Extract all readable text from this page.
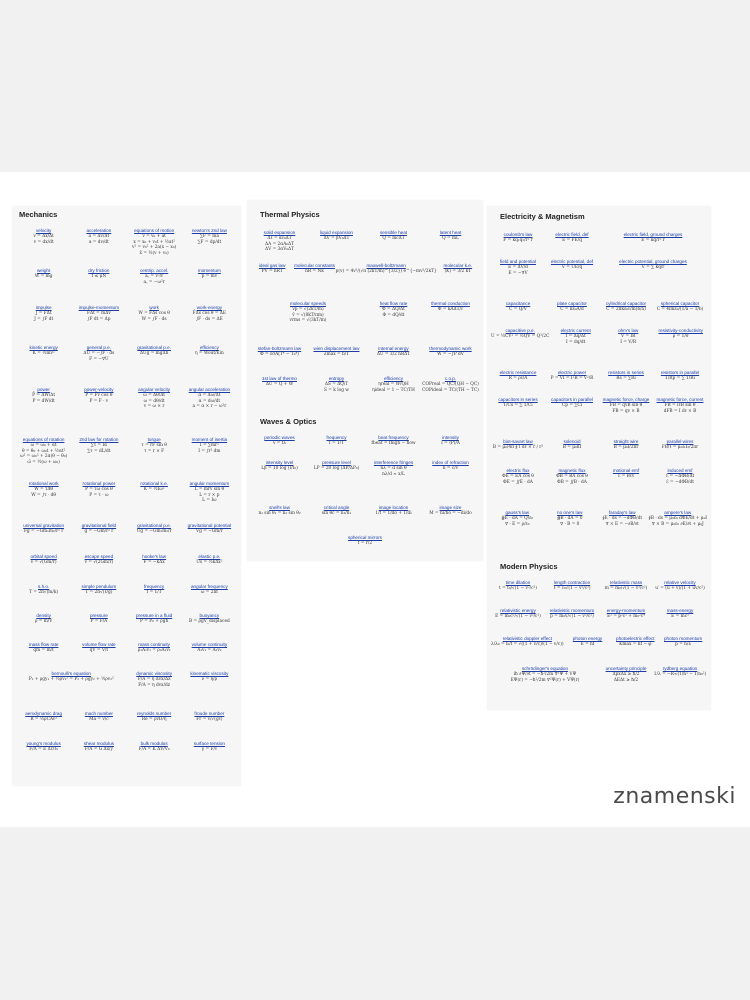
Mechanics
velocity
v = Δx/Δt
v = dx/dt
acceleration
a = Δv/Δt
a = dv/dt
equations of motion
v = v₀ + at
x = x₀ + v₀t + ½at²
v² = v₀² + 2a(x − x₀)
x̄ = ½(v + v₀)
newton's 2nd law
∑F = ma
∑F = dp/dt
weight
W = mg
dry friction
f ≤ μN
centrip. accel.
a꜀ = v²/r
a꜀ = −ω²r
momentum
p = mv
impulse
J = F̄Δt
J = ∫F dt
impulse-momentum
F̄Δt = mΔv
∫F dt = Δp
work
W = F̄Δs cos θ
W = ∫F · ds
work-energy
F̄Δs cos θ = ΔE
∫F · ds = ΔE
kinetic energy
K = ½mv²
general p.e.
ΔU = −∫F · ds
F = −∇U
gravitational p.e.
ΔUg = mgΔh
efficiency
η = Wout/Ein
power
P̄ = ΔW/Δt
P = dW/dt
power-velocity
P̄ = F̄v cos θ
P = F · v
angular velocity
ω̄ = Δθ/Δt
ω = dθ/dt
v = ω × r
angular acceleration
ᾱ = Δω/Δt
α = dω/dt
a = α × r − ω²r
equations of rotation
ω = ω₀ + αt
θ = θ₀ + ω₀t + ½αt²
ω² = ω₀² + 2α(θ − θ₀)
ω̄ = ½(ω + ω₀)
2nd law for rotation
∑τ = Iα
∑τ = dL/dt
torque
τ = rF sin θ
τ = r × F
moment of inertia
I = ∑mr²
I = ∫r² dm
rotational work
W = τ̄Δθ
W = ∫τ · dθ
rotational power
P = τω cos θ
P = τ · ω
rotational k.e.
K = ½Iω²
angular momentum
L = mrv sin θ
L = r × p
L = Iω
universal gravitation
Fg = −Gm₁m₂/r² r̂
gravitational field
g = −Gm/r² r̂
gravitational p.e.
Ug = −Gm₁m₂/r
gravitational potential
Vg = −Gm/r
orbital speed
v = √(Gm/r)
escape speed
v = √(2Gm/r)
hooke's law
F = −kΔx
elastic p.e.
Us = ½kΔx²
s.h.o.
T = 2π√(m/k)
simple pendulum
T = 2π√(ℓ/g)
frequency
f = 1/T
angular frequency
ω = 2πf
density
ρ = m/V
pressure
P = F/A
pressure in a fluid
P = P₀ + ρgh
buoyancy
B = ρgV_displaced
mass flow rate
qm = m/t
volume flow rate
qV = V/t
mass continuity
ρ₁A₁v₁ = ρ₂A₂v₂
volume continuity
A₁v₁ = A₂v₂
bernoulli's equation
P₁ + ρgy₁ + ½ρv₁² = P₂ + ρgy₂ + ½ρv₂²
dynamic viscosity
F/A = η Δvx/Δz
F/A = η dvx/dz
kinematic viscosity
ν = η/ρ
aerodynamic drag
R = ½ρCAv²
mach number
Ma = v/c
reynolds number
Re = ρvD/η
froude number
Fr = v/√(gℓ)
young's modulus
F/A = E Δℓ/ℓ₀
shear modulus
F/A = G Δx/y
bulk modulus
F/A = K ΔV/V₀
surface tension
γ = F/ℓ
Thermal Physics
solid expansion
Δℓ = αℓ₀ΔT
ΔA = 2αA₀ΔT
ΔV = 3αV₀ΔT
liquid expansion
ΔV = βV₀ΔT
sensible heat
Q = mcΔT
latent heat
Q = mL
ideal gas law
PV = nRT
molecular constants
nR = Nk
maxwell-boltzmann
p(v) = 4v²/(√π (2kT/m)^{3/2}) e^{−mv²/2kT}
molecular k.e.
⟨K⟩ = 3/2 kT
molecular speeds
vp = √(2kT/m)
v̄ = √(8kT/πm)
vrms = √(3kT/m)
heat flow rate
Φ = ΔQ/Δt
Φ = dQ/dt
thermal conduction
Φ = kAΔT/ℓ
stefan-boltzmann law
Φ = εσA(T⁴ − T₀⁴)
wien displacement law
λmax = b/T
internal energy
ΔU = 3/2 nRΔT
thermodynamic work
W = −∫P dV
1st law of thermo
ΔU = Q + W
entropy
ΔS = ΔQ/T
S = k log w
efficiency
ηreal = W/QH
ηideal = 1 − TC/TH
c.o.p.
COPreal = QC/(QH − QC)
COPideal = TC/(TH − TC)
Waves & Optics
periodic waves
v = fλ
frequency
f = 1/T
beat frequency
fbeat = fhigh − flow
intensity
I = ⟨P⟩/A
intensity level
Lβ = 10 log (I/I₀)
pressure level
LP = 20 log (ΔP/ΔP₀)
interference fringes
nλ = d sin θ
nλ/d ≈ x/L
index of refraction
n = c/v
snell's law
n₁ sin θ₁ = n₂ sin θ₂
critical angle
sin θc = n₂/n₁
image location
1/f = 1/do + 1/di
image size
M = hi/ho = −di/do
spherical mirrors
f = r/2
Electricity & Magnetism
coulomb's law
F = kq₁q₂/r² r̂
electric field, def
E = FE/q
electric field, ground charges
E = kq/r² r̂
field and potential
E = ΔV/d
E = −∇V
electric potential, def
V = UE/q
electric potential, ground charges
V = ∑ kq/r
capacitance
C = Q/V
plate capacitor
C = κε₀A/d
cylindrical capacitor
C = 2πκε₀ℓ/ln(b/a)
spherical capacitor
C = 4πκε₀/(1/a − 1/b)
capacitive p.e.
U = ½CV² = ½QV = Q²/2C
electric current
Ī = Δq/Δt
I = dq/dt
ohm's law
V = IR
I = V/R
resistivity-conductivity
ρ = 1/σ
electric resistance
R = ρℓ/A
electric power
P = VI = I²R = V²/R
resistors in series
Rs = ∑Ri
resistors in parallel
1/Rp = ∑ 1/Ri
capacitors in series
1/Cs = ∑ 1/Ci
capacitors in parallel
Cp = ∑Ci
magnetic force, charge
FB = qvB sin θ
FB = qv × B
magnetic force, current
FB = IℓB sin θ
dFB = I dℓ × B
biot-savart law
B = μ₀/4π ∮ I dℓ × r̂ / r²
solenoid
B = μ₀nI
straight wire
B = μ₀I/2πr
parallel wires
FB/ℓ = μ₀I₁I₂/2πr
electric flux
ΦE = EA cos θ
ΦE = ∬E · dA
magnetic flux
ΦB = BA cos θ
ΦB = ∬B · dA
motional emf
ℰ = Bℓv
induced emf
ℰ = −ΔΦB/Δt
ℰ = −dΦB/dt
gauss's law
∯E · dA = Q/ε₀
∇ · E = ρ/ε₀
no one's law
∯B · dA = 0
∇ · B = 0
faraday's law
∮E · ds = −dΦB/dt
∇ × E = −∂B/∂t
ampere's law
∮B · ds = μ₀ε₀ dΦE/dt + μ₀I
∇ × B = μ₀ε₀ ∂E/∂t + μ₀J
Modern Physics
time dilation
t = t₀/√(1 − v²/c²)
length contraction
ℓ = ℓ₀√(1 − v²/c²)
relativistic mass
m = m₀/√(1 − v²/c²)
relative velocity
u′ = (u + v)/(1 + uv/c²)
relativistic energy
E = m₀c²/√(1 − v²/c²)
relativistic momentum
p = m₀v/√(1 − v²/c²)
energy-momentum
E² = p²c² + m₀²c⁴
mass-energy
E = mc²
relativistic doppler effect
λ/λ₀ = f₀/f = √((1 + v/c)/(1 − v/c))
photon energy
E = hf
photoelectric effect
Kmax = hf − φ
photon momentum
p = h/λ
schrödinger's equation
iħ ∂Ψ/∂t = −ħ²/2m ∇²Ψ + VΨ
EΨ(r) = −ħ²/2m ∇²Ψ(r) + VΨ(r)
uncertainty principle
ΔpxΔx ≥ ħ/2
ΔEΔt ≥ ħ/2
rydberg equation
1/λ = −R∞(1/n² − 1/n₀²)
znamenski
